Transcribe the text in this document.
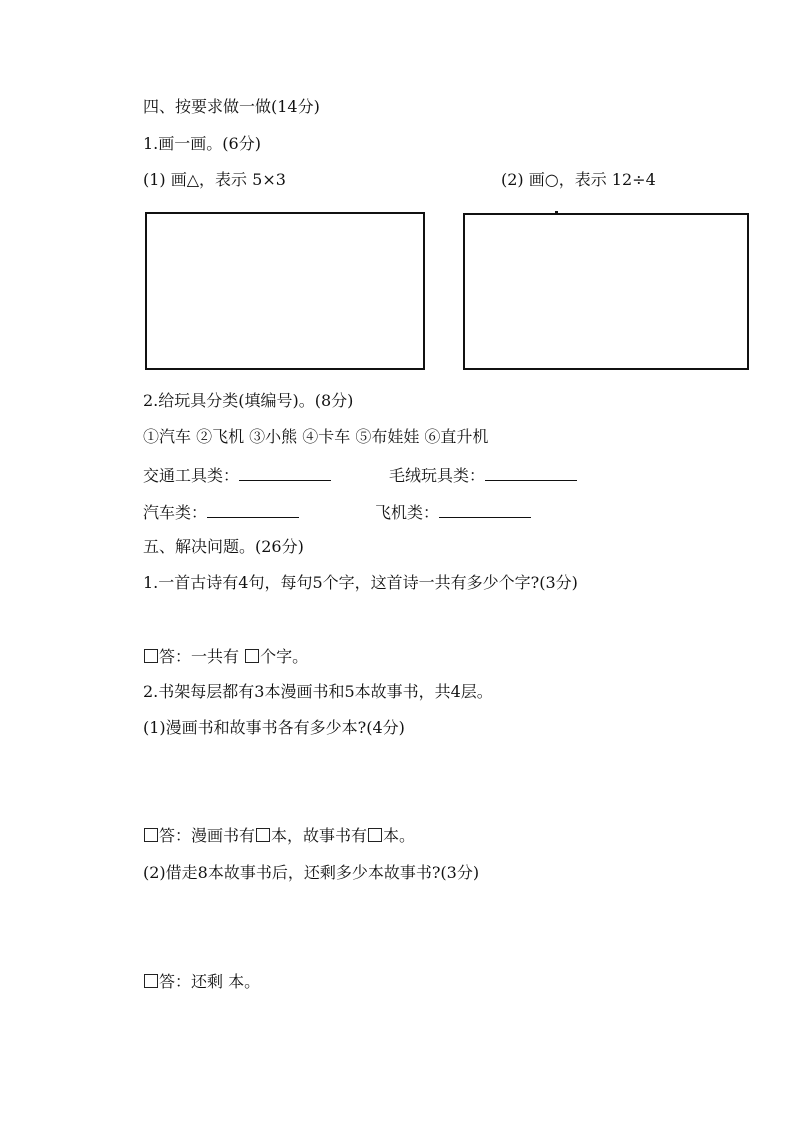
四、按要求做一做(14分)
1.画一画。(6分)
(1) 画△，表示 5×3	(2) 画○，表示 12÷4
2.给玩具分类(填编号)。(8分)
①汽车 ②飞机 ③小熊 ④卡车 ⑤布娃娃 ⑥直升机
交通工具类：	毛绒玩具类：
汽车类：	飞机类：
五、解决问题。(26分)
1.一首古诗有4句，每句5个字，这首诗一共有多少个字?(3分)
答：一共有 个字。
2.书架每层都有3本漫画书和5本故事书，共4层。
(1)漫画书和故事书各有多少本?(4分)
答：漫画书有 本，故事书有 本。
(2)借走8本故事书后，还剩多少本故事书?(3分)
答：还剩 本。
